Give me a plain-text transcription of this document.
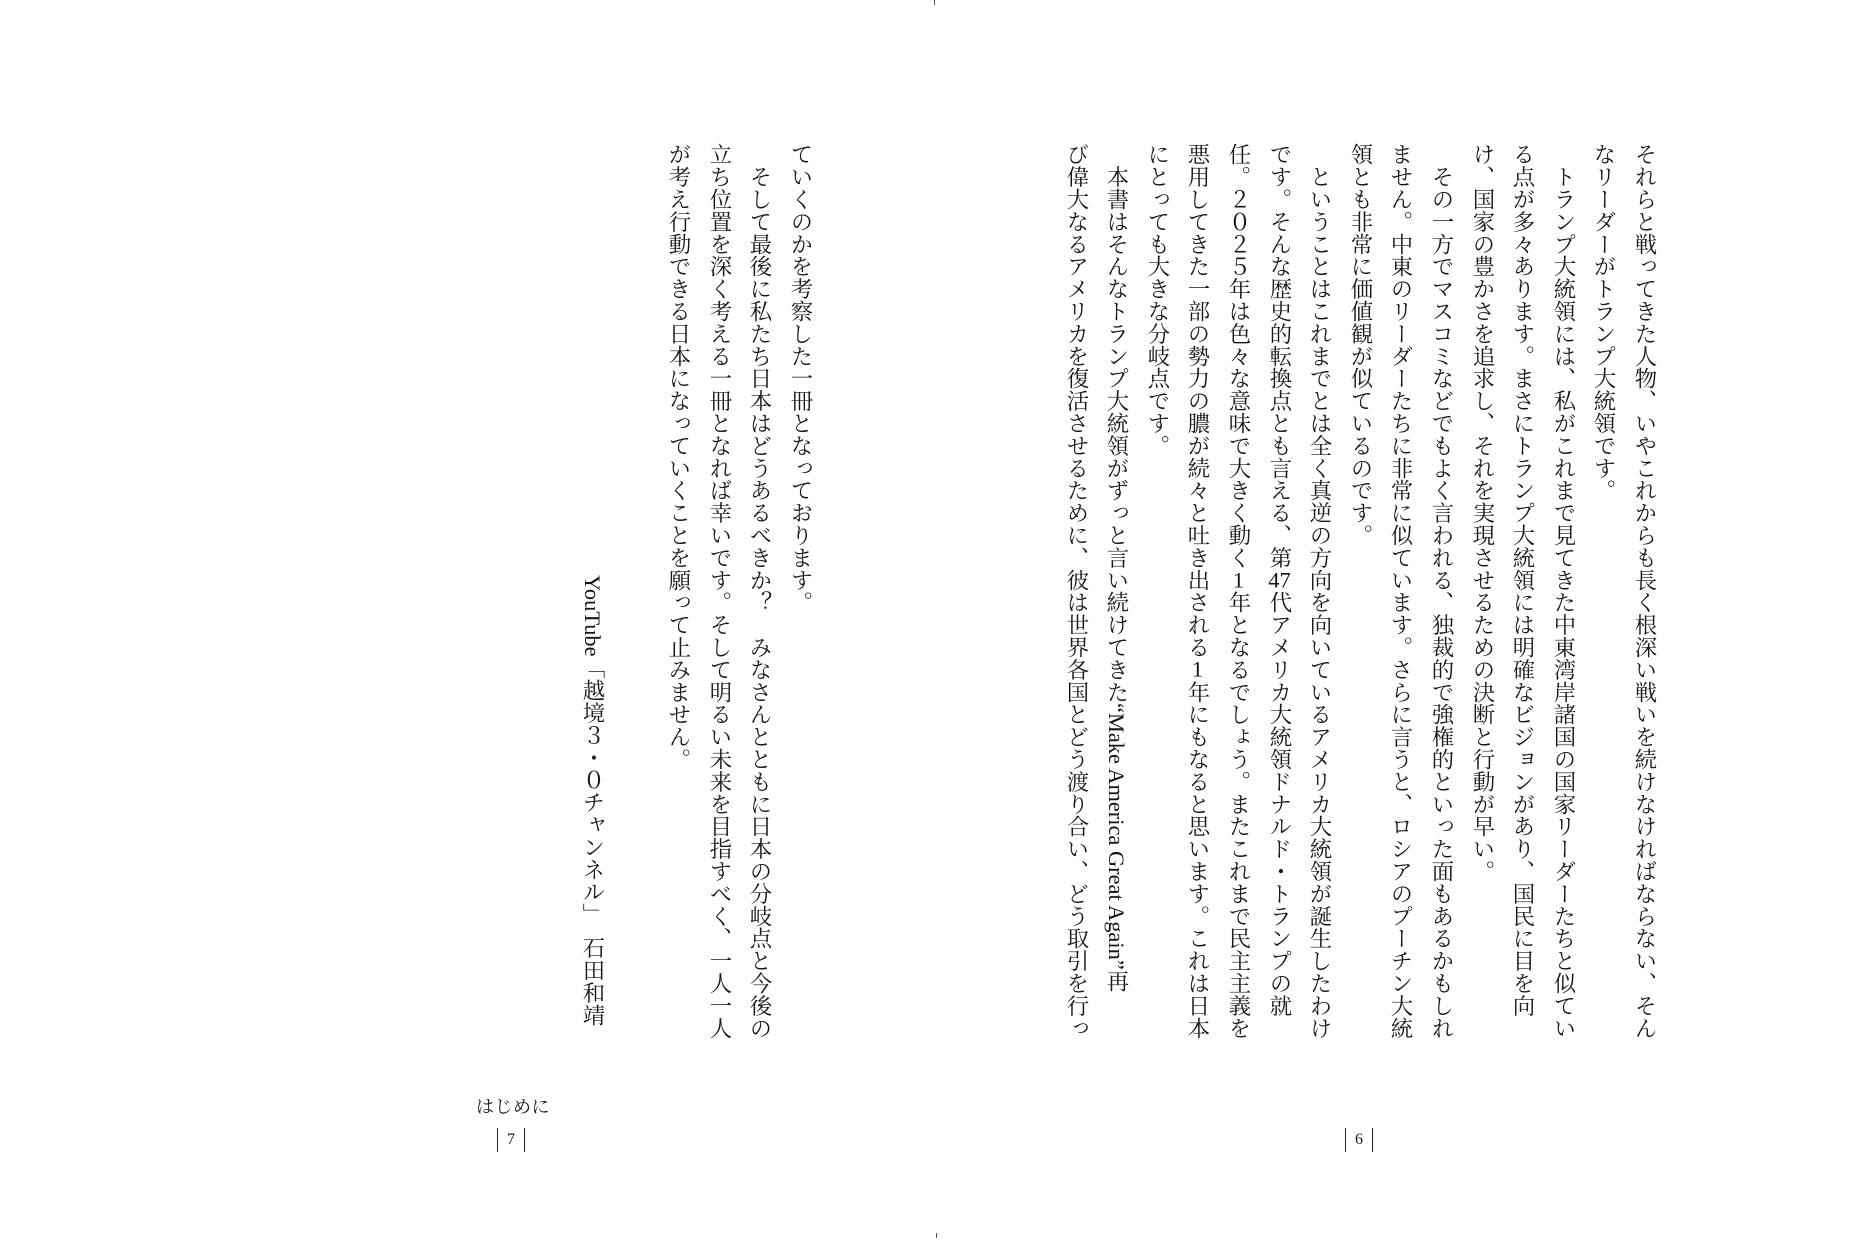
ていくのかを考察した一冊となっております。
　そして最後に私たち日本はどうあるべきか？　みなさんとともに日本の分岐点と今後の
立ち位置を深く考える一冊となれば幸いです。そして明るい未来を目指すべく、一人一人
が考え行動できる日本になっていくことを願って止みません。
YouTube「越境３・０チャンネル」　石田和靖
はじめに
7
それらと戦ってきた人物、いやこれからも長く根深い戦いを続けなければならない、そん
なリーダーがトランプ大統領です。
　トランプ大統領には、私がこれまで見てきた中東湾岸諸国の国家リーダーたちと似てい
る点が多々あります。まさにトランプ大統領には明確なビジョンがあり、国民に目を向
け、国家の豊かさを追求し、それを実現させるための決断と行動が早い。
　その一方でマスコミなどでもよく言われる、独裁的で強権的といった面もあるかもしれ
ません。中東のリーダーたちに非常に似ています。さらに言うと、ロシアのプーチン大統
領とも非常に価値観が似ているのです。
　ということはこれまでとは全く真逆の方向を向いているアメリカ大統領が誕生したわけ
です。そんな歴史的転換点とも言える、第47代アメリカ大統領ドナルド・トランプの就
任。２０２５年は色々な意味で大きく動く1年となるでしょう。またこれまで民主主義を
悪用してきた一部の勢力の膿が続々と吐き出される1年にもなると思います。これは日本
にとっても大きな分岐点です。
　本書はそんなトランプ大統領がずっと言い続けてきた“Make America Great Again”再
び偉大なるアメリカを復活させるために、彼は世界各国とどう渡り合い、どう取引を行っ
6
